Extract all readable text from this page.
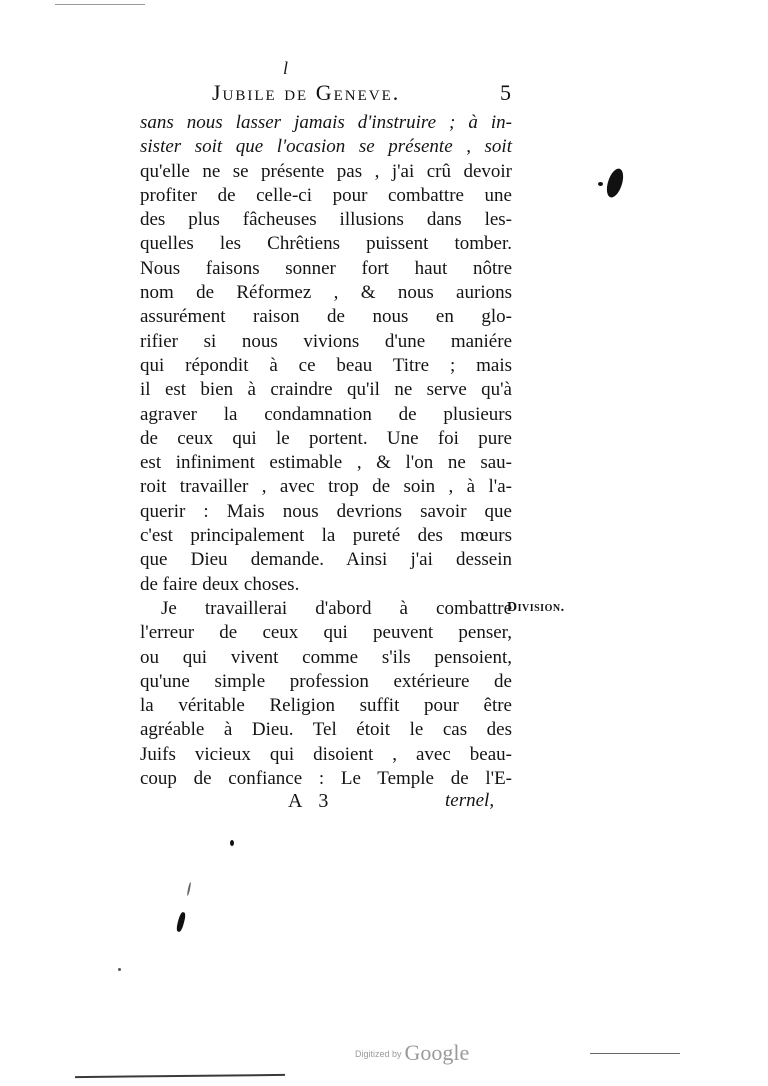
l
Jubile de Geneve.	5
sans nous lasser jamais d'instruire ; à in-
sister soit que l'ocasion se présente , soit
qu'elle ne se présente pas , j'ai crû devoir
profiter de celle-ci pour combattre une
des plus fâcheuses illusions dans les-
quelles les Chrêtiens puissent tomber.
Nous faisons sonner fort haut nôtre
nom de Réformez , & nous aurions
assurément raison de nous en glo-
rifier si nous vivions d'une maniére
qui répondit à ce beau Titre ; mais
il est bien à craindre qu'il ne serve qu'à
agraver la condamnation de plusieurs
de ceux qui le portent. Une foi pure
est infiniment estimable , & l'on ne sau-
roit travailler , avec trop de soin , à l'a-
querir : Mais nous devrions savoir que
c'est principalement la pureté des mœurs
que Dieu demande. Ainsi j'ai dessein
de faire deux choses.
Je travaillerai d'abord à combattre
l'erreur de ceux qui peuvent penser,
ou qui vivent comme s'ils pensoient,
qu'une simple profession extérieure de
la véritable Religion suffit pour être
agréable à Dieu. Tel étoit le cas des
Juifs vicieux qui disoient , avec beau-
coup de confiance : Le Temple de l'E-
Division.
A 3	ternel,
Digitized by Google
